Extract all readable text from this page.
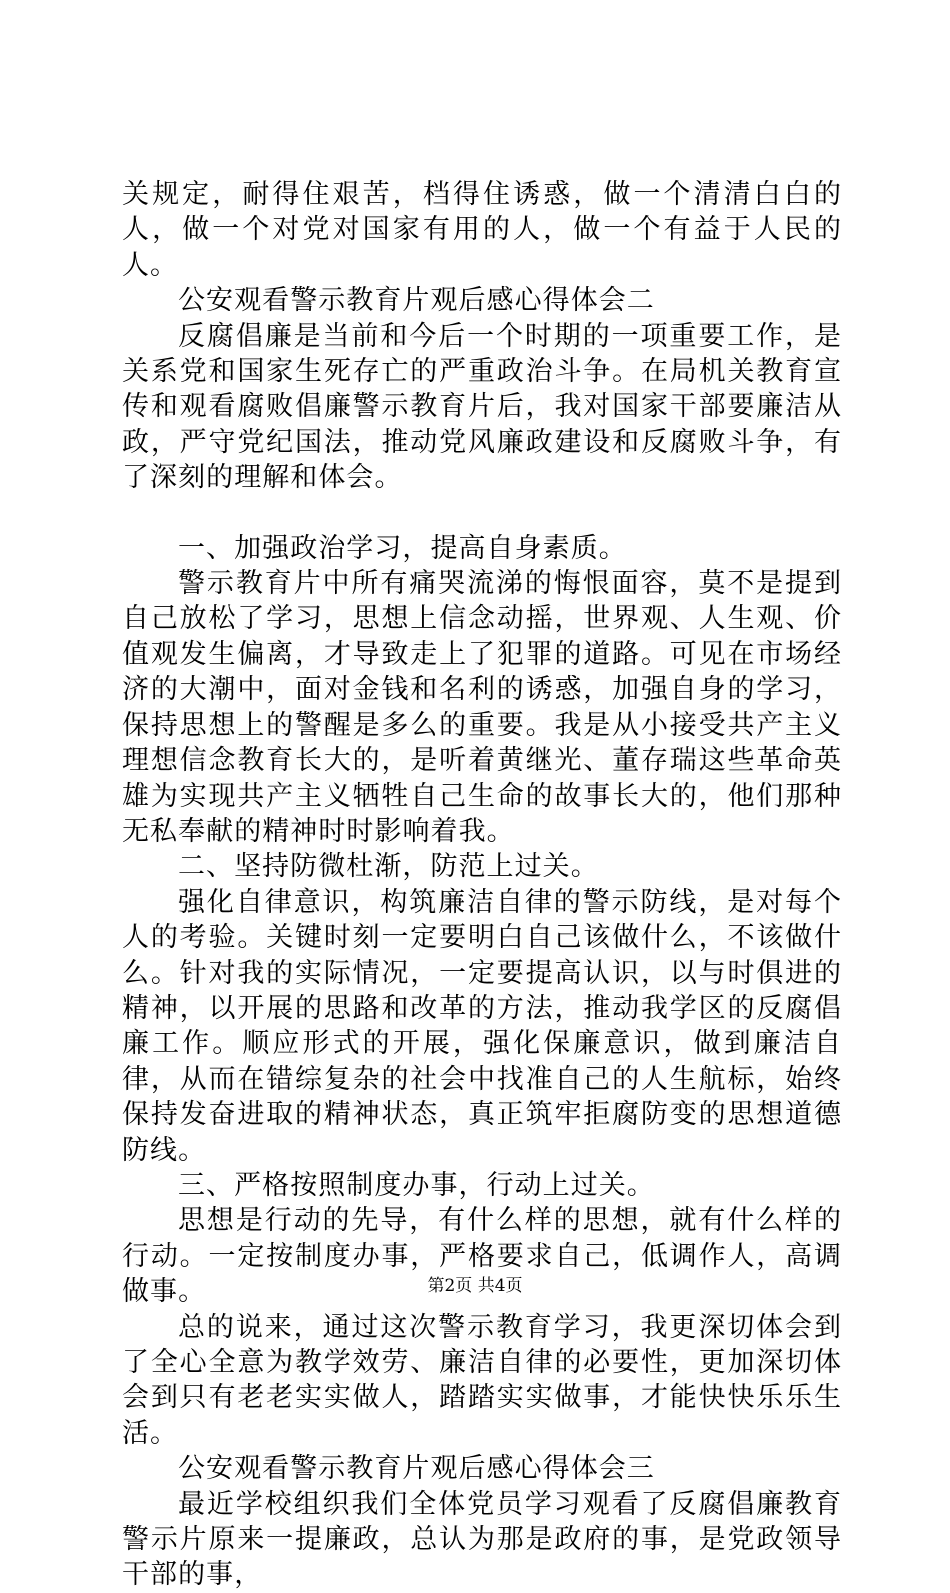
关规定，耐得住艰苦，档得住诱惑，做一个清清白白的人，做一个对党对国家有用的人，做一个有益于人民的人。

公安观看警示教育片观后感心得体会二

反腐倡廉是当前和今后一个时期的一项重要工作，是关系党和国家生死存亡的严重政治斗争。在局机关教育宣传和观看腐败倡廉警示教育片后，我对国家干部要廉洁从政，严守党纪国法，推动党风廉政建设和反腐败斗争，有了深刻的理解和体会。

一、加强政治学习，提高自身素质。

警示教育片中所有痛哭流涕的悔恨面容，莫不是提到自己放松了学习，思想上信念动摇，世界观、人生观、价值观发生偏离，才导致走上了犯罪的道路。可见在市场经济的大潮中，面对金钱和名利的诱惑，加强自身的学习，保持思想上的警醒是多么的重要。我是从小接受共产主义理想信念教育长大的，是听着黄继光、董存瑞这些革命英雄为实现共产主义牺牲自己生命的故事长大的，他们那种无私奉献的精神时时影响着我。

二、坚持防微杜渐，防范上过关。

强化自律意识，构筑廉洁自律的警示防线，是对每个人的考验。关键时刻一定要明白自己该做什么，不该做什么。针对我的实际情况，一定要提高认识，以与时俱进的精神，以开展的思路和改革的方法，推动我学区的反腐倡廉工作。顺应形式的开展，强化保廉意识，做到廉洁自律，从而在错综复杂的社会中找准自己的人生航标，始终保持发奋进取的精神状态，真正筑牢拒腐防变的思想道德防线。

三、严格按照制度办事，行动上过关。

思想是行动的先导，有什么样的思想，就有什么样的行动。一定按制度办事，严格要求自己，低调作人，高调做事。

总的说来，通过这次警示教育学习，我更深切体会到了全心全意为教学效劳、廉洁自律的必要性，更加深切体会到只有老老实实做人，踏踏实实做事，才能快快乐乐生活。

公安观看警示教育片观后感心得体会三

最近学校组织我们全体党员学习观看了反腐倡廉教育警示片原来一提廉政，总认为那是政府的事，是党政领导干部的事，

第2页 共4页
